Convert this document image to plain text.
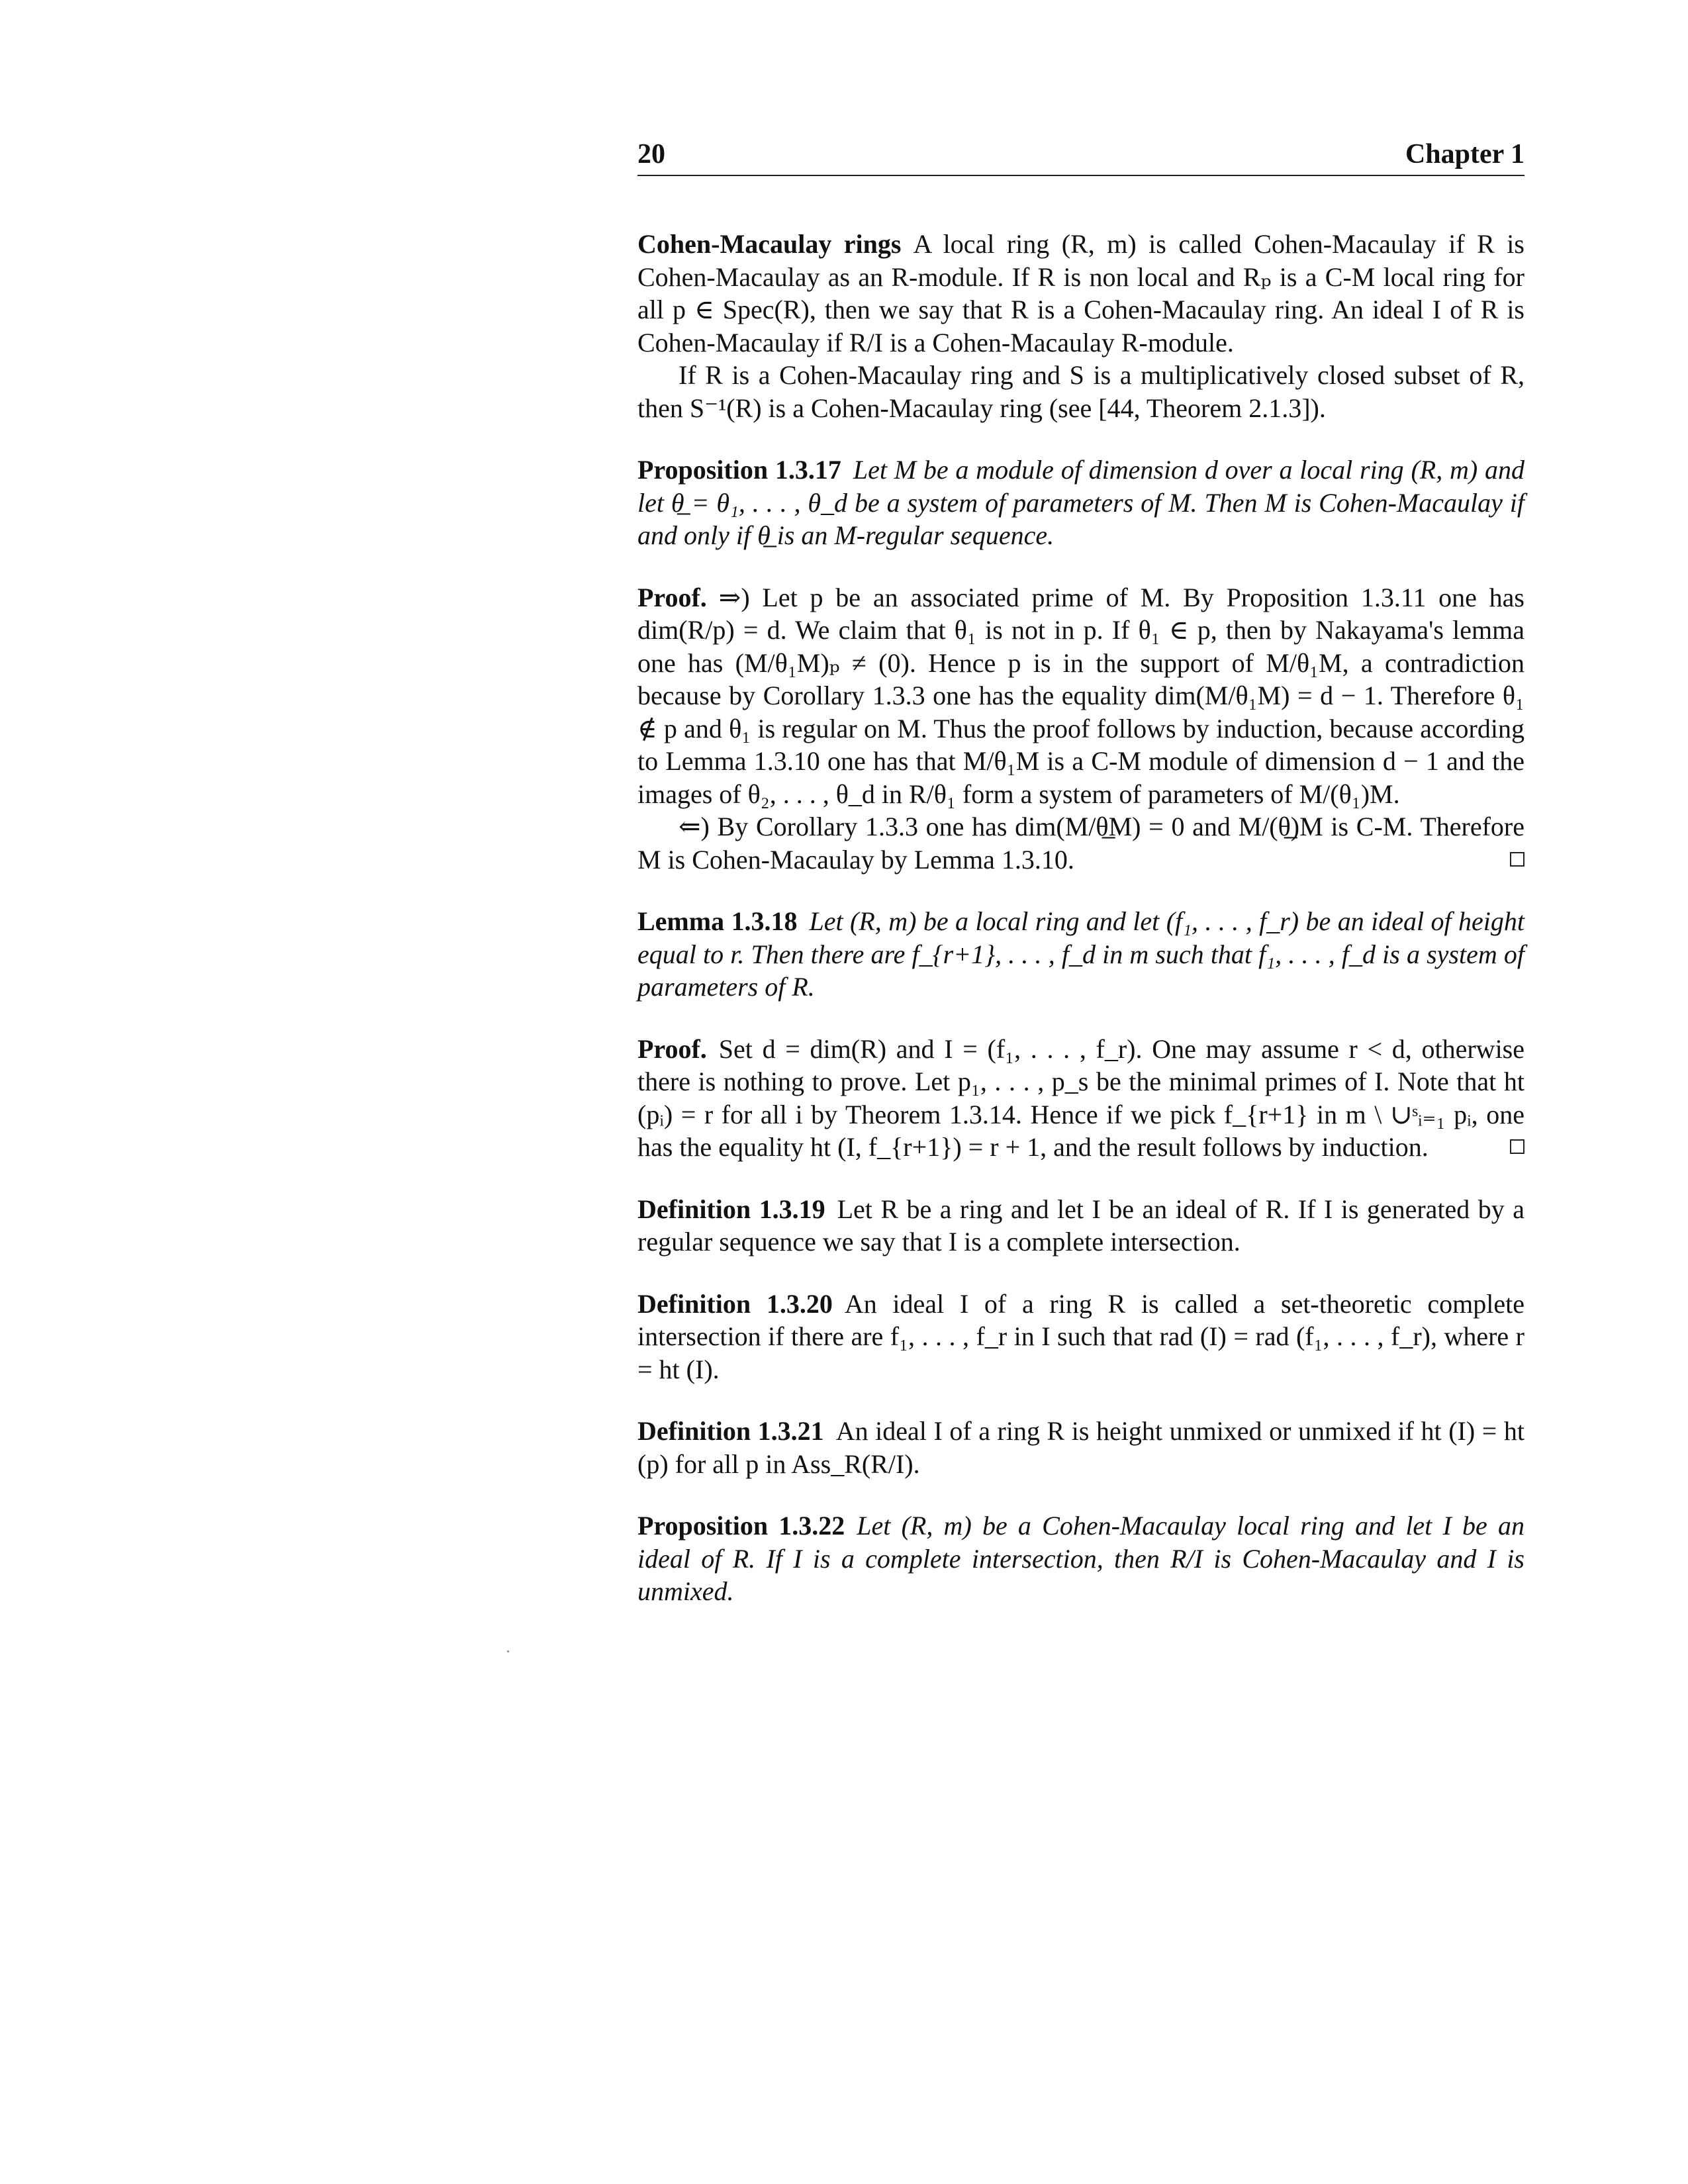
20	Chapter 1

Cohen-Macaulay rings A local ring (R, m) is called Cohen-Macaulay if R is Cohen-Macaulay as an R-module. If R is non local and Rₚ is a C-M local ring for all p ∈ Spec(R), then we say that R is a Cohen-Macaulay ring. An ideal I of R is Cohen-Macaulay if R/I is a Cohen-Macaulay R-module.

If R is a Cohen-Macaulay ring and S is a multiplicatively closed subset of R, then S⁻¹(R) is a Cohen-Macaulay ring (see [44, Theorem 2.1.3]).

Proposition 1.3.17 Let M be a module of dimension d over a local ring (R, m) and let θ̲ = θ₁, . . . , θ_d be a system of parameters of M. Then M is Cohen-Macaulay if and only if θ̲ is an M-regular sequence.

Proof. ⇒) Let p be an associated prime of M. By Proposition 1.3.11 one has dim(R/p) = d. We claim that θ₁ is not in p. If θ₁ ∈ p, then by Nakayama's lemma one has (M/θ₁M)ₚ ≠ (0). Hence p is in the support of M/θ₁M, a contradiction because by Corollary 1.3.3 one has the equality dim(M/θ₁M) = d − 1. Therefore θ₁ ∉ p and θ₁ is regular on M. Thus the proof follows by induction, because according to Lemma 1.3.10 one has that M/θ₁M is a C-M module of dimension d − 1 and the images of θ₂, . . . , θ_d in R/θ₁ form a system of parameters of M/(θ₁)M.

⇐) By Corollary 1.3.3 one has dim(M/θ̲M) = 0 and M/(θ̲)M is C-M. Therefore M is Cohen-Macaulay by Lemma 1.3.10.

Lemma 1.3.18 Let (R, m) be a local ring and let (f₁, . . . , f_r) be an ideal of height equal to r. Then there are f_{r+1}, . . . , f_d in m such that f₁, . . . , f_d is a system of parameters of R.
Proof. Set d = dim(R) and I = (f₁, . . . , f_r). One may assume r < d, otherwise there is nothing to prove. Let p₁, . . . , p_s be the minimal primes of I. Note that ht (pᵢ) = r for all i by Theorem 1.3.14. Hence if we pick f_{r+1} in m \ ∪ˢᵢ₌₁ pᵢ, one has the equality ht (I, f_{r+1}) = r + 1, and the result follows by induction.
Definition 1.3.19 Let R be a ring and let I be an ideal of R. If I is generated by a regular sequence we say that I is a complete intersection.
Definition 1.3.20 An ideal I of a ring R is called a set-theoretic complete intersection if there are f₁, . . . , f_r in I such that rad (I) = rad (f₁, . . . , f_r), where r = ht (I).
Definition 1.3.21 An ideal I of a ring R is height unmixed or unmixed if ht (I) = ht (p) for all p in Ass_R(R/I).
Proposition 1.3.22 Let (R, m) be a Cohen-Macaulay local ring and let I be an ideal of R. If I is a complete intersection, then R/I is Cohen-Macaulay and I is unmixed.
